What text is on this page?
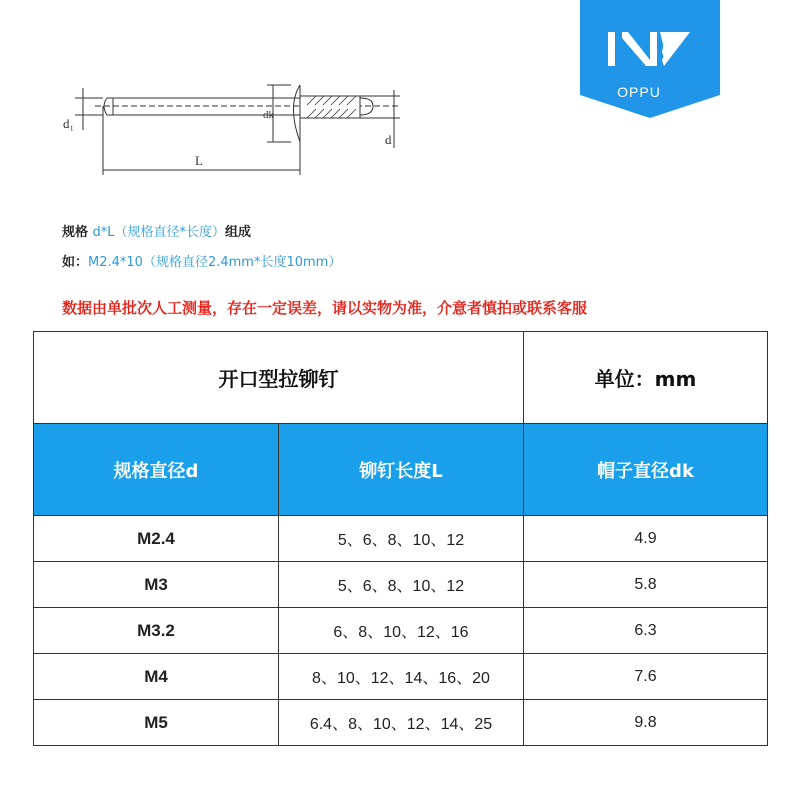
d₁
L
dk
d
OPPU
规格 d*L（规格直径*长度）组成
如：M2.4*10（规格直径2.4mm*长度10mm）
数据由单批次人工测量，存在一定误差，请以实物为准，介意者慎拍或联系客服
开口型拉铆钉		单位：mm
规格直径d	铆钉长度L	帽子直径dk
M2.4	5、6、8、10、12	4.9
M3	5、6、8、10、12	5.8
M3.2	6、8、10、12、16	6.3
M4	8、10、12、14、16、20	7.6
M5	6.4、8、10、12、14、25	9.8
